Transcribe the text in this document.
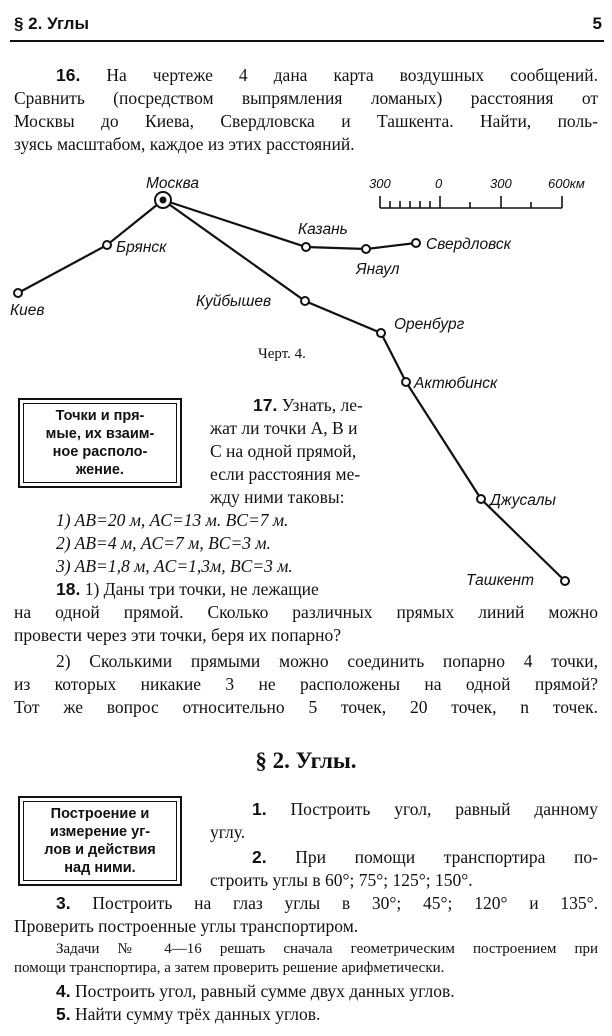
§ 2. Углы	5
16. На чертеже 4 дана карта воздушных сообщений.
Сравнить (посредством выпрямления ломаных) расстояния от
Москвы до Киева, Свердловска и Ташкента. Найти, поль-
зуясь масштабом, каждое из этих расстояний.
Москва
Брянск
Киев
Казань
Янаул
Свердловск
Куйбышев
Оренбург
Актюбинск
Джусалы
Ташкент
300	0	300	600км
Черт. 4.
Точки и пря-
мые, их взаим-
ное располо-
жение.
17. Узнать, ле-
жат ли точки A, B и
C на одной прямой,
если расстояния ме-
жду ними таковы:
1) AB=20 м, AC=13 м. BC=7 м.
2) AB=4 м, AC=7 м, BC=3 м.
3) AB=1,8 м, AC=1,3м, BC=3 м.
18. 1) Даны три точки, не лежащие
на одной прямой. Сколько различных прямых линий можно
провести через эти точки, беря их попарно?
2) Сколькими прямыми можно соединить попарно 4 точки,
из которых никакие 3 не расположены на одной прямой?
Тот же вопрос относительно 5 точек, 20 точек, n точек.
§ 2. Углы.
Построение и
измерение уг-
лов и действия
над ними.
1. Построить угол, равный данному
углу.
2. При помощи транспортира по-
строить углы в 60°; 75°; 125°; 150°.
3. Построить на глаз углы в 30°; 45°; 120° и 135°.
Проверить построенные углы транспортиром.
Задачи № 4—16 решать сначала геометрическим построением при
помощи транспортира, а затем проверить решение арифметически.
4. Построить угол, равный сумме двух данных углов.
5. Найти сумму трёх данных углов.
